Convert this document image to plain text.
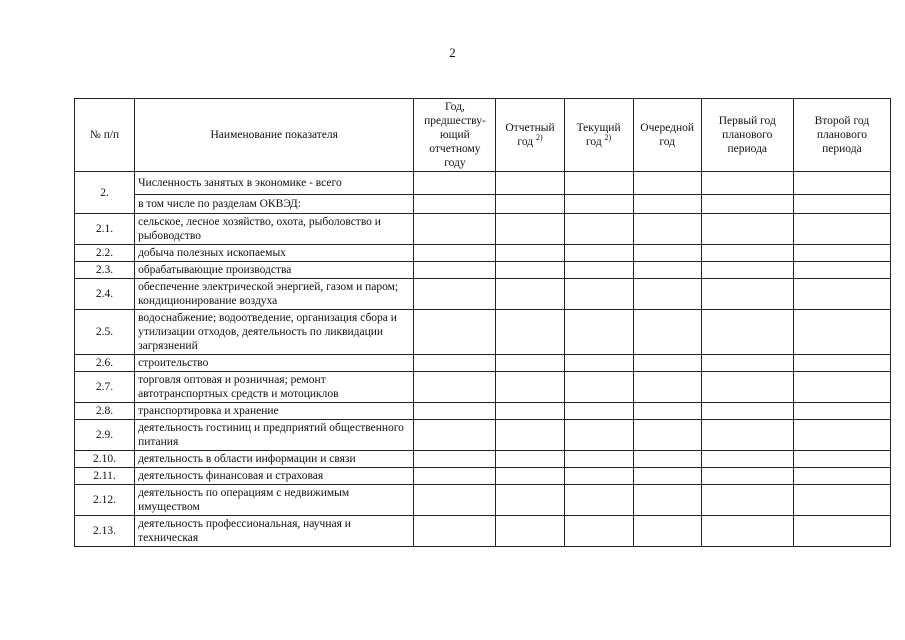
2
№ п/п	Наименование показателя	Год, предшеству-ющий отчетному году	Отчетный год $^{2)}$	Текущий год $^{2)}$	Очередной год	Первый год планового периода	Второй год планового периода
2.	Численность занятых в экономике - всего						
	в том числе по разделам ОКВЭД:						
2.1.	сельское, лесное хозяйство, охота, рыболовство и рыбоводство						
2.2.	добыча полезных ископаемых						
2.3.	обрабатывающие производства						
2.4.	обеспечение электрической энергией, газом и паром; кондиционирование воздуха						
2.5.	водоснабжение; водоотведение, организация сбора и утилизации отходов, деятельность по ликвидации загрязнений						
2.6.	строительство						
2.7.	торговля оптовая и розничная; ремонт автотранспортных средств и мотоциклов						
2.8.	транспортировка и хранение						
2.9.	деятельность гостиниц и предприятий общественного питания						
2.10.	деятельность в области информации и связи						
2.11.	деятельность финансовая и страховая						
2.12.	деятельность по операциям с недвижимым имуществом						
2.13.	деятельность профессиональная, научная и техническая						
